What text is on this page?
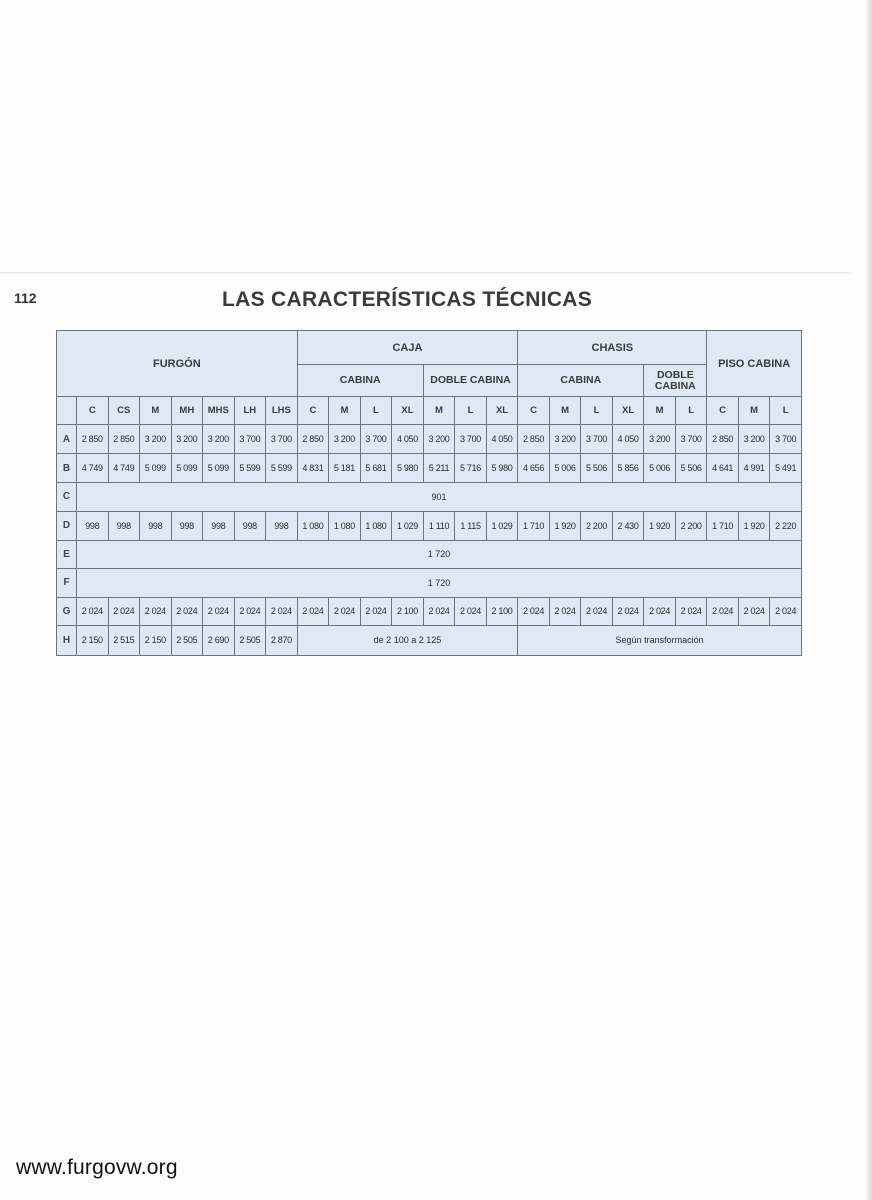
112	LAS CARACTERÍSTICAS TÉCNICAS
FURGÓN								CAJA							CHASIS						PISO CABINA		
								CABINA				DOBLE CABINA			CABINA				DOBLE CABINA				
	C	CS	M	MH	MHS	LH	LHS	C	M	L	XL	M	L	XL	C	M	L	XL	M	L	C	M	L
A	2 850	2 850	3 200	3 200	3 200	3 700	3 700	2 850	3 200	3 700	4 050	3 200	3 700	4 050	2 850	3 200	3 700	4 050	3 200	3 700	2 850	3 200	3 700
B	4 749	4 749	5 099	5 099	5 099	5 599	5 599	4 831	5 181	5 681	5 980	5 211	5 716	5 980	4 656	5 006	5 506	5 856	5 006	5 506	4 641	4 991	5 491
C	901																						
D	998	998	998	998	998	998	998	1 080	1 080	1 080	1 029	1 110	1 115	1 029	1 710	1 920	2 200	2 430	1 920	2 200	1 710	1 920	2 220
E	1 720																						
F	1 720																						
G	2 024	2 024	2 024	2 024	2 024	2 024	2 024	2 024	2 024	2 024	2 100	2 024	2 024	2 100	2 024	2 024	2 024	2 024	2 024	2 024	2 024	2 024	2 024
H	2 150	2 515	2 150	2 505	2 690	2 505	2 870	de 2 100 a 2 125							Según transformación								
www.furgovw.org
